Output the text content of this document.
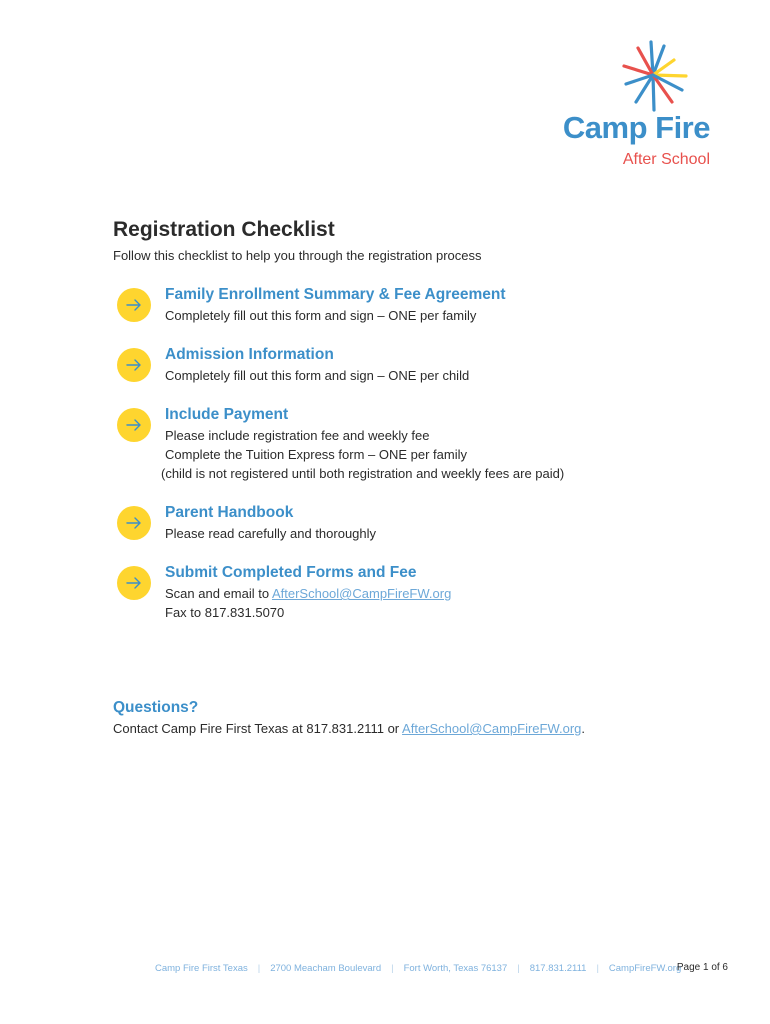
Camp Fire
After School
Registration Checklist
Follow this checklist to help you through the registration process
Family Enrollment Summary & Fee Agreement
Completely fill out this form and sign – ONE per family
Admission Information
Completely fill out this form and sign – ONE per child
Include Payment
Please include registration fee and weekly fee
Complete the Tuition Express form – ONE per family
(child is not registered until both registration and weekly fees are paid)
Parent Handbook
Please read carefully and thoroughly
Submit Completed Forms and Fee
Scan and email to AfterSchool@CampFireFW.org
Fax to 817.831.5070
Questions?
Contact Camp Fire First Texas at 817.831.2111 or AfterSchool@CampFireFW.org.
Camp Fire First Texas | 2700 Meacham Boulevard | Fort Worth, Texas 76137 | 817.831.2111 | CampFireFW.org
Page 1 of 6
